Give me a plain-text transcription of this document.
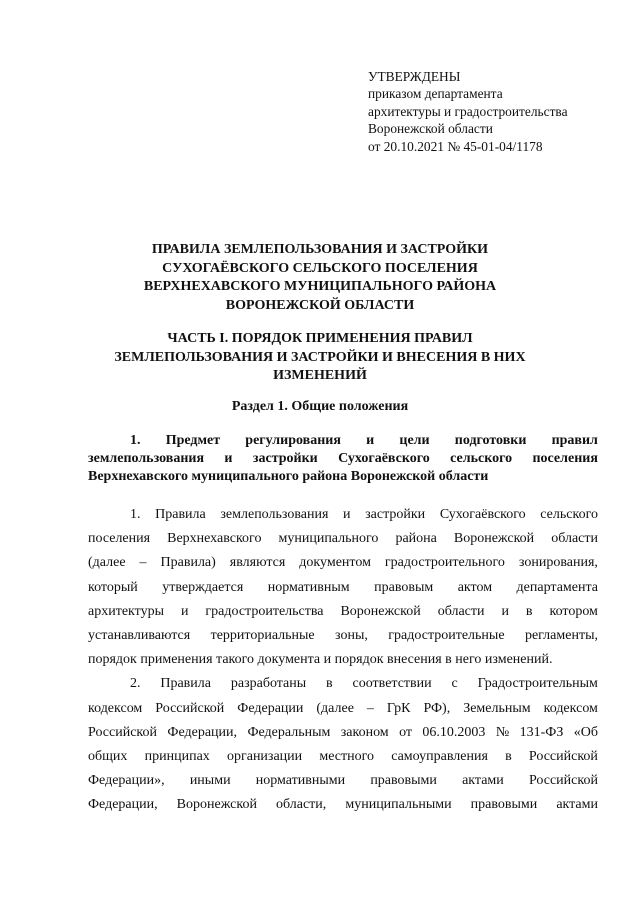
УТВЕРЖДЕНЫ
приказом департамента
архитектуры и градостроительства
Воронежской области
от 20.10.2021 № 45-01-04/1178
ПРАВИЛА ЗЕМЛЕПОЛЬЗОВАНИЯ И ЗАСТРОЙКИ
СУХОГАЁВСКОГО СЕЛЬСКОГО ПОСЕЛЕНИЯ
ВЕРХНЕХАВСКОГО МУНИЦИПАЛЬНОГО РАЙОНА
ВОРОНЕЖСКОЙ ОБЛАСТИ
ЧАСТЬ I. ПОРЯДОК ПРИМЕНЕНИЯ ПРАВИЛ
ЗЕМЛЕПОЛЬЗОВАНИЯ И ЗАСТРОЙКИ И ВНЕСЕНИЯ В НИХ
ИЗМЕНЕНИЙ
Раздел 1. Общие положения
1. Предмет регулирования и цели подготовки правил
землепользования и застройки Сухогаёвского сельского поселения
Верхнехавского муниципального района Воронежской области
1. Правила землепользования и застройки Сухогаёвского сельского
поселения Верхнехавского муниципального района Воронежской области
(далее – Правила) являются документом градостроительного зонирования,
который утверждается нормативным правовым актом департамента
архитектуры и градостроительства Воронежской области и в котором
устанавливаются территориальные зоны, градостроительные регламенты,
порядок применения такого документа и порядок внесения в него изменений.
2. Правила разработаны в соответствии с Градостроительным
кодексом Российской Федерации (далее – ГрК РФ), Земельным кодексом
Российской Федерации, Федеральным законом от 06.10.2003 № 131-ФЗ «Об
общих принципах организации местного самоуправления в Российской
Федерации», иными нормативными правовыми актами Российской
Федерации, Воронежской области, муниципальными правовыми актами
